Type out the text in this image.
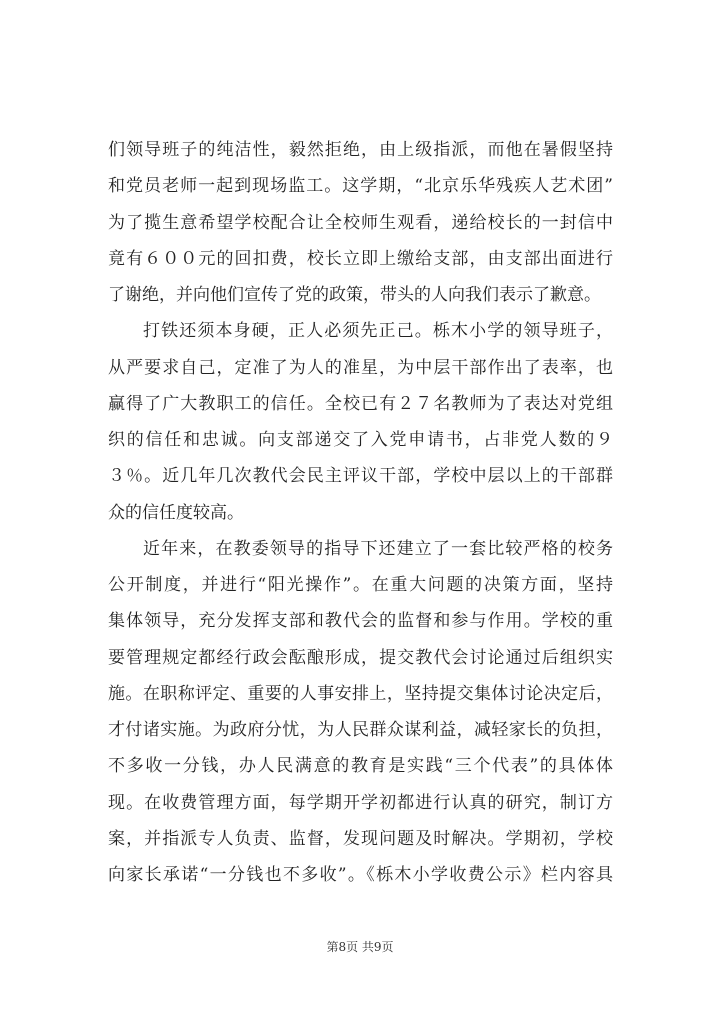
们领导班子的纯洁性，毅然拒绝，由上级指派，而他在暑假坚持
和党员老师一起到现场监工。这学期，“北京乐华残疾人艺术团”
为了揽生意希望学校配合让全校师生观看，递给校长的一封信中
竟有６００元的回扣费，校长立即上缴给支部，由支部出面进行
了谢绝，并向他们宣传了党的政策，带头的人向我们表示了歉意。
打铁还须本身硬，正人必须先正己。栎木小学的领导班子，
从严要求自己，定准了为人的准星，为中层干部作出了表率，也
赢得了广大教职工的信任。全校已有２７名教师为了表达对党组
织的信任和忠诚。向支部递交了入党申请书，占非党人数的９
３％。近几年几次教代会民主评议干部，学校中层以上的干部群
众的信任度较高。
近年来，在教委领导的指导下还建立了一套比较严格的校务
公开制度，并进行“阳光操作”。在重大问题的决策方面，坚持
集体领导，充分发挥支部和教代会的监督和参与作用。学校的重
要管理规定都经行政会酝酿形成，提交教代会讨论通过后组织实
施。在职称评定、重要的人事安排上，坚持提交集体讨论决定后，
才付诸实施。为政府分忧，为人民群众谋利益，减轻家长的负担，
不多收一分钱，办人民满意的教育是实践“三个代表”的具体体
现。在收费管理方面，每学期开学初都进行认真的研究，制订方
案，并指派专人负责、监督，发现问题及时解决。学期初，学校
向家长承诺“一分钱也不多收”。《栎木小学收费公示》栏内容具
第8页 共9页
